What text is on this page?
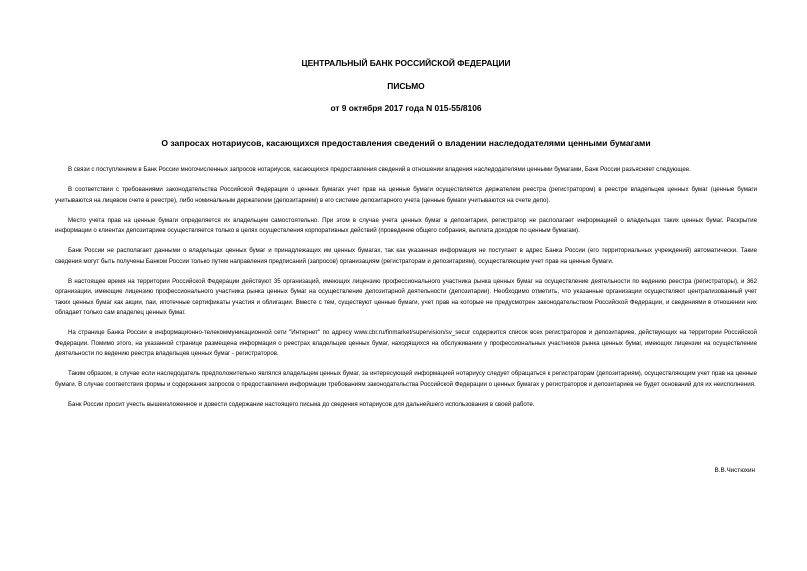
ЦЕНТРАЛЬНЫЙ БАНК РОССИЙСКОЙ ФЕДЕРАЦИИ

ПИСЬМО

от 9 октября 2017 года N 015-55/8106

О запросах нотариусов, касающихся предоставления сведений о владении наследодателями ценными бумагами

В связи с поступлением в Банк России многочисленных запросов нотариусов, касающихся предоставления сведений в отношении владения наследодателями ценными бумагами, Банк России разъясняет следующее.

В соответствии с требованиями законодательства Российской Федерации о ценных бумагах учет прав на ценные бумаги осуществляется держателем реестра (регистратором) в реестре владельцев ценных бумаг (ценные бумаги учитываются на лицевом счете в реестре), либо номинальным держателем (депозитарием) в его системе депозитарного учета (ценные бумаги учитываются на счете депо).

Место учета прав на ценные бумаги определяется их владельцем самостоятельно. При этом в случае учета ценных бумаг в депозитарии, регистратор не располагает информацией о владельцах таких ценных бумаг. Раскрытие информации о клиентах депозитариев осуществляется только в целях осуществления корпоративных действий (проведение общего собрания, выплата доходов по ценным бумагам).

Банк России не располагает данными о владельцах ценных бумаг и принадлежащих им ценных бумагах, так как указанная информация не поступает в адрес Банка России (его территориальных учреждений) автоматически. Такие сведения могут быть получены Банком России только путем направления предписаний (запросов) организациям (регистраторам и депозитариям), осуществляющим учет прав на ценные бумаги.

В настоящее время на территории Российской Федерации действуют 35 организаций, имеющих лицензию профессионального участника рынка ценных бумаг на осуществление деятельности по ведению реестра (регистраторы), и 362 организации, имеющие лицензию профессионального участника рынка ценных бумаг на осуществление депозитарной деятельности (депозитарии). Необходимо отметить, что указанные организации осуществляют централизованный учет таких ценных бумаг как акции, паи, ипотечные сертификаты участия и облигации. Вместе с тем, существуют ценные бумаги, учет прав на которые не предусмотрен законодательством Российской Федерации, и сведениями в отношении них обладает только сам владелец ценных бумаг.

На странице Банка России в информационно-телекоммуникационной сети "Интернет" по адресу www.cbr.ru/finmarket/supervision/sv_secur содержится список всех регистраторов и депозитариев, действующих на территории Российской Федерации. Помимо этого, на указанной странице размещена информация о реестрах владельцев ценных бумаг, находящихся на обслуживании у профессиональных участников рынка ценных бумаг, имеющих лицензии на осуществление деятельности по ведению реестра владельцев ценных бумаг - регистраторов.

Таким образом, в случае если наследодатель предположительно являлся владельцем ценных бумаг, за интересующей информацией нотариусу следует обращаться к регистраторам (депозитариям), осуществляющим учет прав на ценные бумаги. В случае соответствия формы и содержания запросов о предоставлении информации требованиям законодательства Российской Федерации о ценных бумагах у регистраторов и депозитариев не будет оснований для их неисполнения.

Банк России просит учесть вышеизложенное и довести содержание настоящего письма до сведения нотариусов для дальнейшего использования в своей работе.

В.В.Чистюхин
